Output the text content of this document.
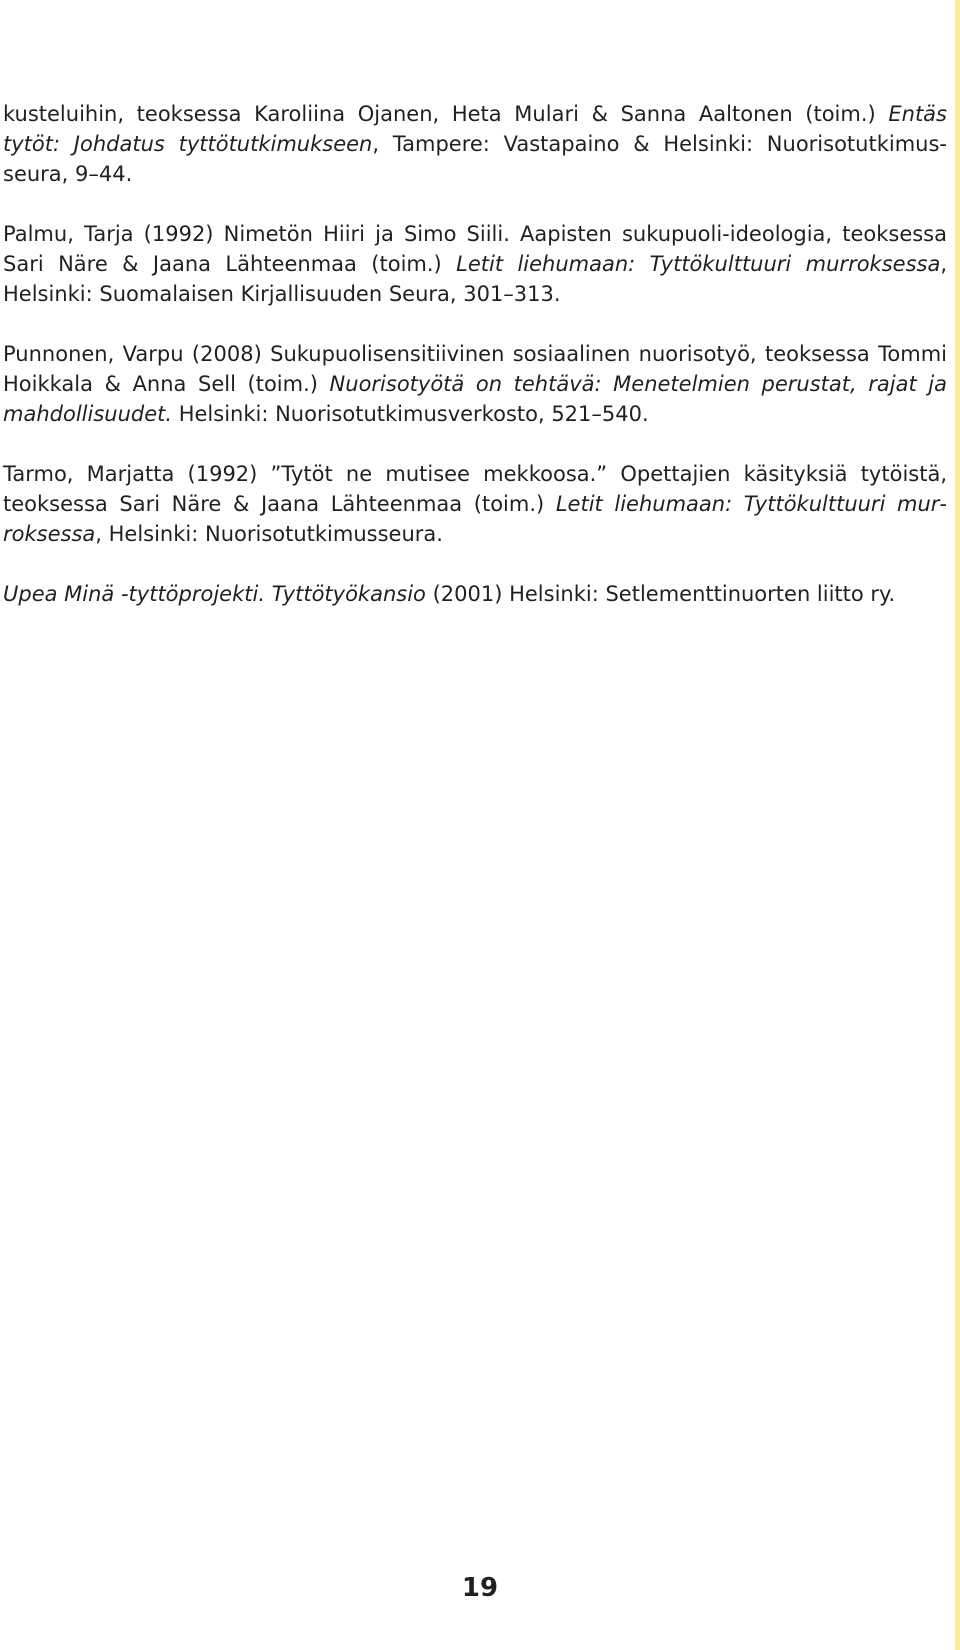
kusteluihin, teoksessa Karoliina Ojanen, Heta Mulari & Sanna Aaltonen (toim.) Entäs tytöt: Johdatus tyttötutkimukseen, Tampere: Vastapaino & Helsinki: Nuorisotutkimusseura, 9–44.

Palmu, Tarja (1992) Nimetön Hiiri ja Simo Siili. Aapisten sukupuoli-ideologia, teoksessa Sari Näre & Jaana Lähteenmaa (toim.) Letit liehumaan: Tyttökulttuuri murroksessa, Helsinki: Suomalaisen Kirjallisuuden Seura, 301–313.

Punnonen, Varpu (2008) Sukupuolisensitiivinen sosiaalinen nuorisotyö, teoksessa Tommi Hoikkala & Anna Sell (toim.) Nuorisotyötä on tehtävä: Menetelmien perustat, rajat ja mahdollisuudet. Helsinki: Nuorisotutkimusverkosto, 521–540.

Tarmo, Marjatta (1992) ”Tytöt ne mutisee mekkoosa.” Opettajien käsityksiä tytöistä, teoksessa Sari Näre & Jaana Lähteenmaa (toim.) Letit liehumaan: Tyttökulttuuri murroksessa, Helsinki: Nuorisotutkimusseura.

Upea Minä -tyttöprojekti. Tyttötyökansio (2001) Helsinki: Setlementtinuorten liitto ry.

19
